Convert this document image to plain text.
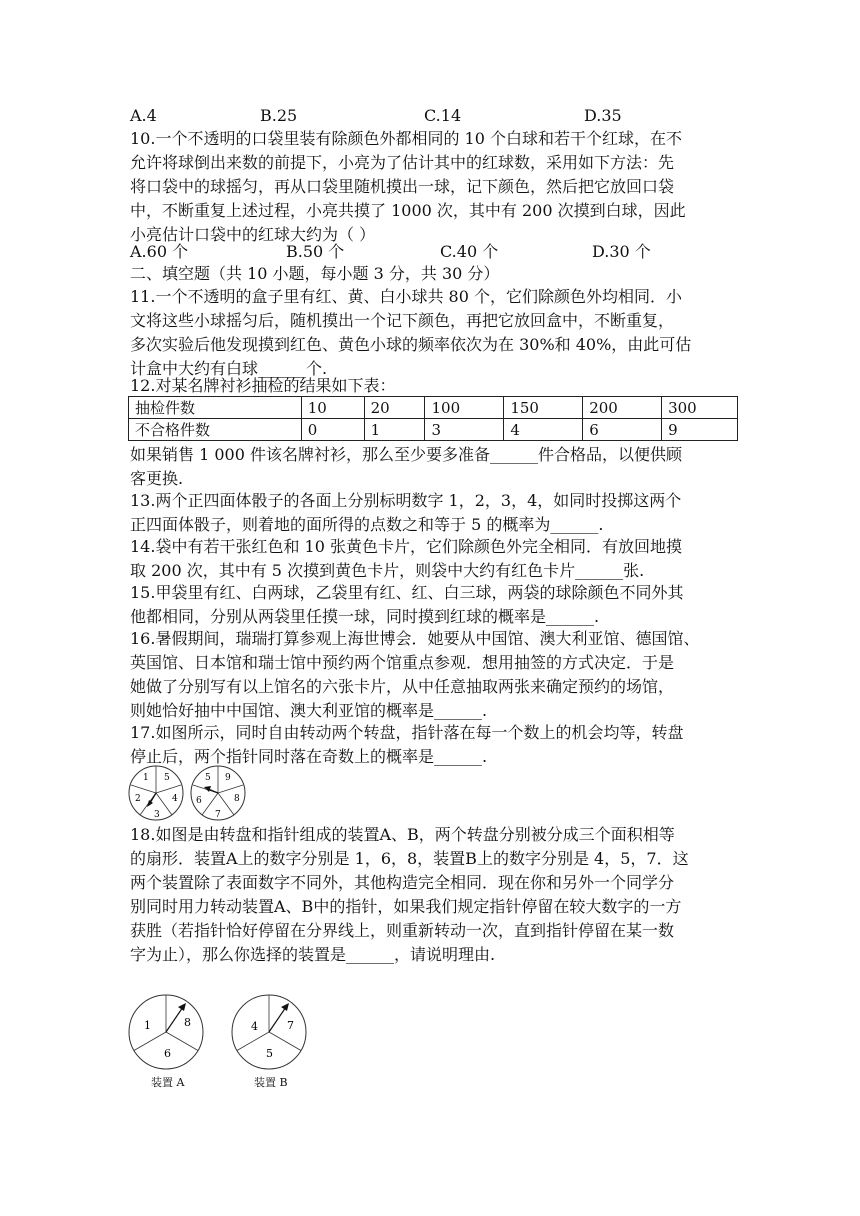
A.4	B.25	C.14	D.35
10.一个不透明的口袋里装有除颜色外都相同的 10 个白球和若干个红球，在不
允许将球倒出来数的前提下，小亮为了估计其中的红球数，采用如下方法：先
将口袋中的球摇匀，再从口袋里随机摸出一球，记下颜色，然后把它放回口袋
中，不断重复上述过程，小亮共摸了 1000 次，其中有 200 次摸到白球，因此
小亮估计口袋中的红球大约为（ ）
A.60 个	B.50 个	C.40 个	D.30 个
二、填空题（共 10 小题，每小题 3 分，共 30 分）
11.一个不透明的盒子里有红、黄、白小球共 80 个，它们除颜色外均相同．小
文将这些小球摇匀后，随机摸出一个记下颜色，再把它放回盒中，不断重复，
多次实验后他发现摸到红色、黄色小球的频率依次为在 30%和 40%，由此可估
计盒中大约有白球______个.
12.对某名牌衬衫抽检的结果如下表：
抽检件数	10	20	100	150	200	300
不合格件数	0	1	3	4	6	9
如果销售 1 000 件该名牌衬衫，那么至少要多准备______件合格品，以便供顾
客更换.
13.两个正四面体骰子的各面上分别标明数字 1，2，3，4，如同时投掷这两个
正四面体骰子，则着地的面所得的点数之和等于 5 的概率为______.
14.袋中有若干张红色和 10 张黄色卡片，它们除颜色外完全相同．有放回地摸
取 200 次，其中有 5 次摸到黄色卡片，则袋中大约有红色卡片______张.
15.甲袋里有红、白两球，乙袋里有红、红、白三球，两袋的球除颜色不同外其
他都相同，分别从两袋里任摸一球，同时摸到红球的概率是______.
16.暑假期间，瑞瑞打算参观上海世博会．她要从中国馆、澳大利亚馆、德国馆、
英国馆、日本馆和瑞士馆中预约两个馆重点参观．想用抽签的方式决定．于是
她做了分别写有以上馆名的六张卡片，从中任意抽取两张来确定预约的场馆，
则她恰好抽中中国馆、澳大利亚馆的概率是______.
17.如图所示，同时自由转动两个转盘，指针落在每一个数上的机会均等，转盘
停止后，两个指针同时落在奇数上的概率是______.
1 5
4
3
2
5 9
8
7
6
18.如图是由转盘和指针组成的装置A、B，两个转盘分别被分成三个面积相等
的扇形．装置A上的数字分别是 1，6，8，装置B上的数字分别是 4，5，7．这
两个装置除了表面数字不同外，其他构造完全相同．现在你和另外一个同学分
别同时用力转动装置A、B中的指针，如果我们规定指针停留在较大数字的一方
获胜（若指针恰好停留在分界线上，则重新转动一次，直到指针停留在某一数
字为止），那么你选择的装置是______，请说明理由.
1	8
6
4	7
5
装置 A	装置 B
